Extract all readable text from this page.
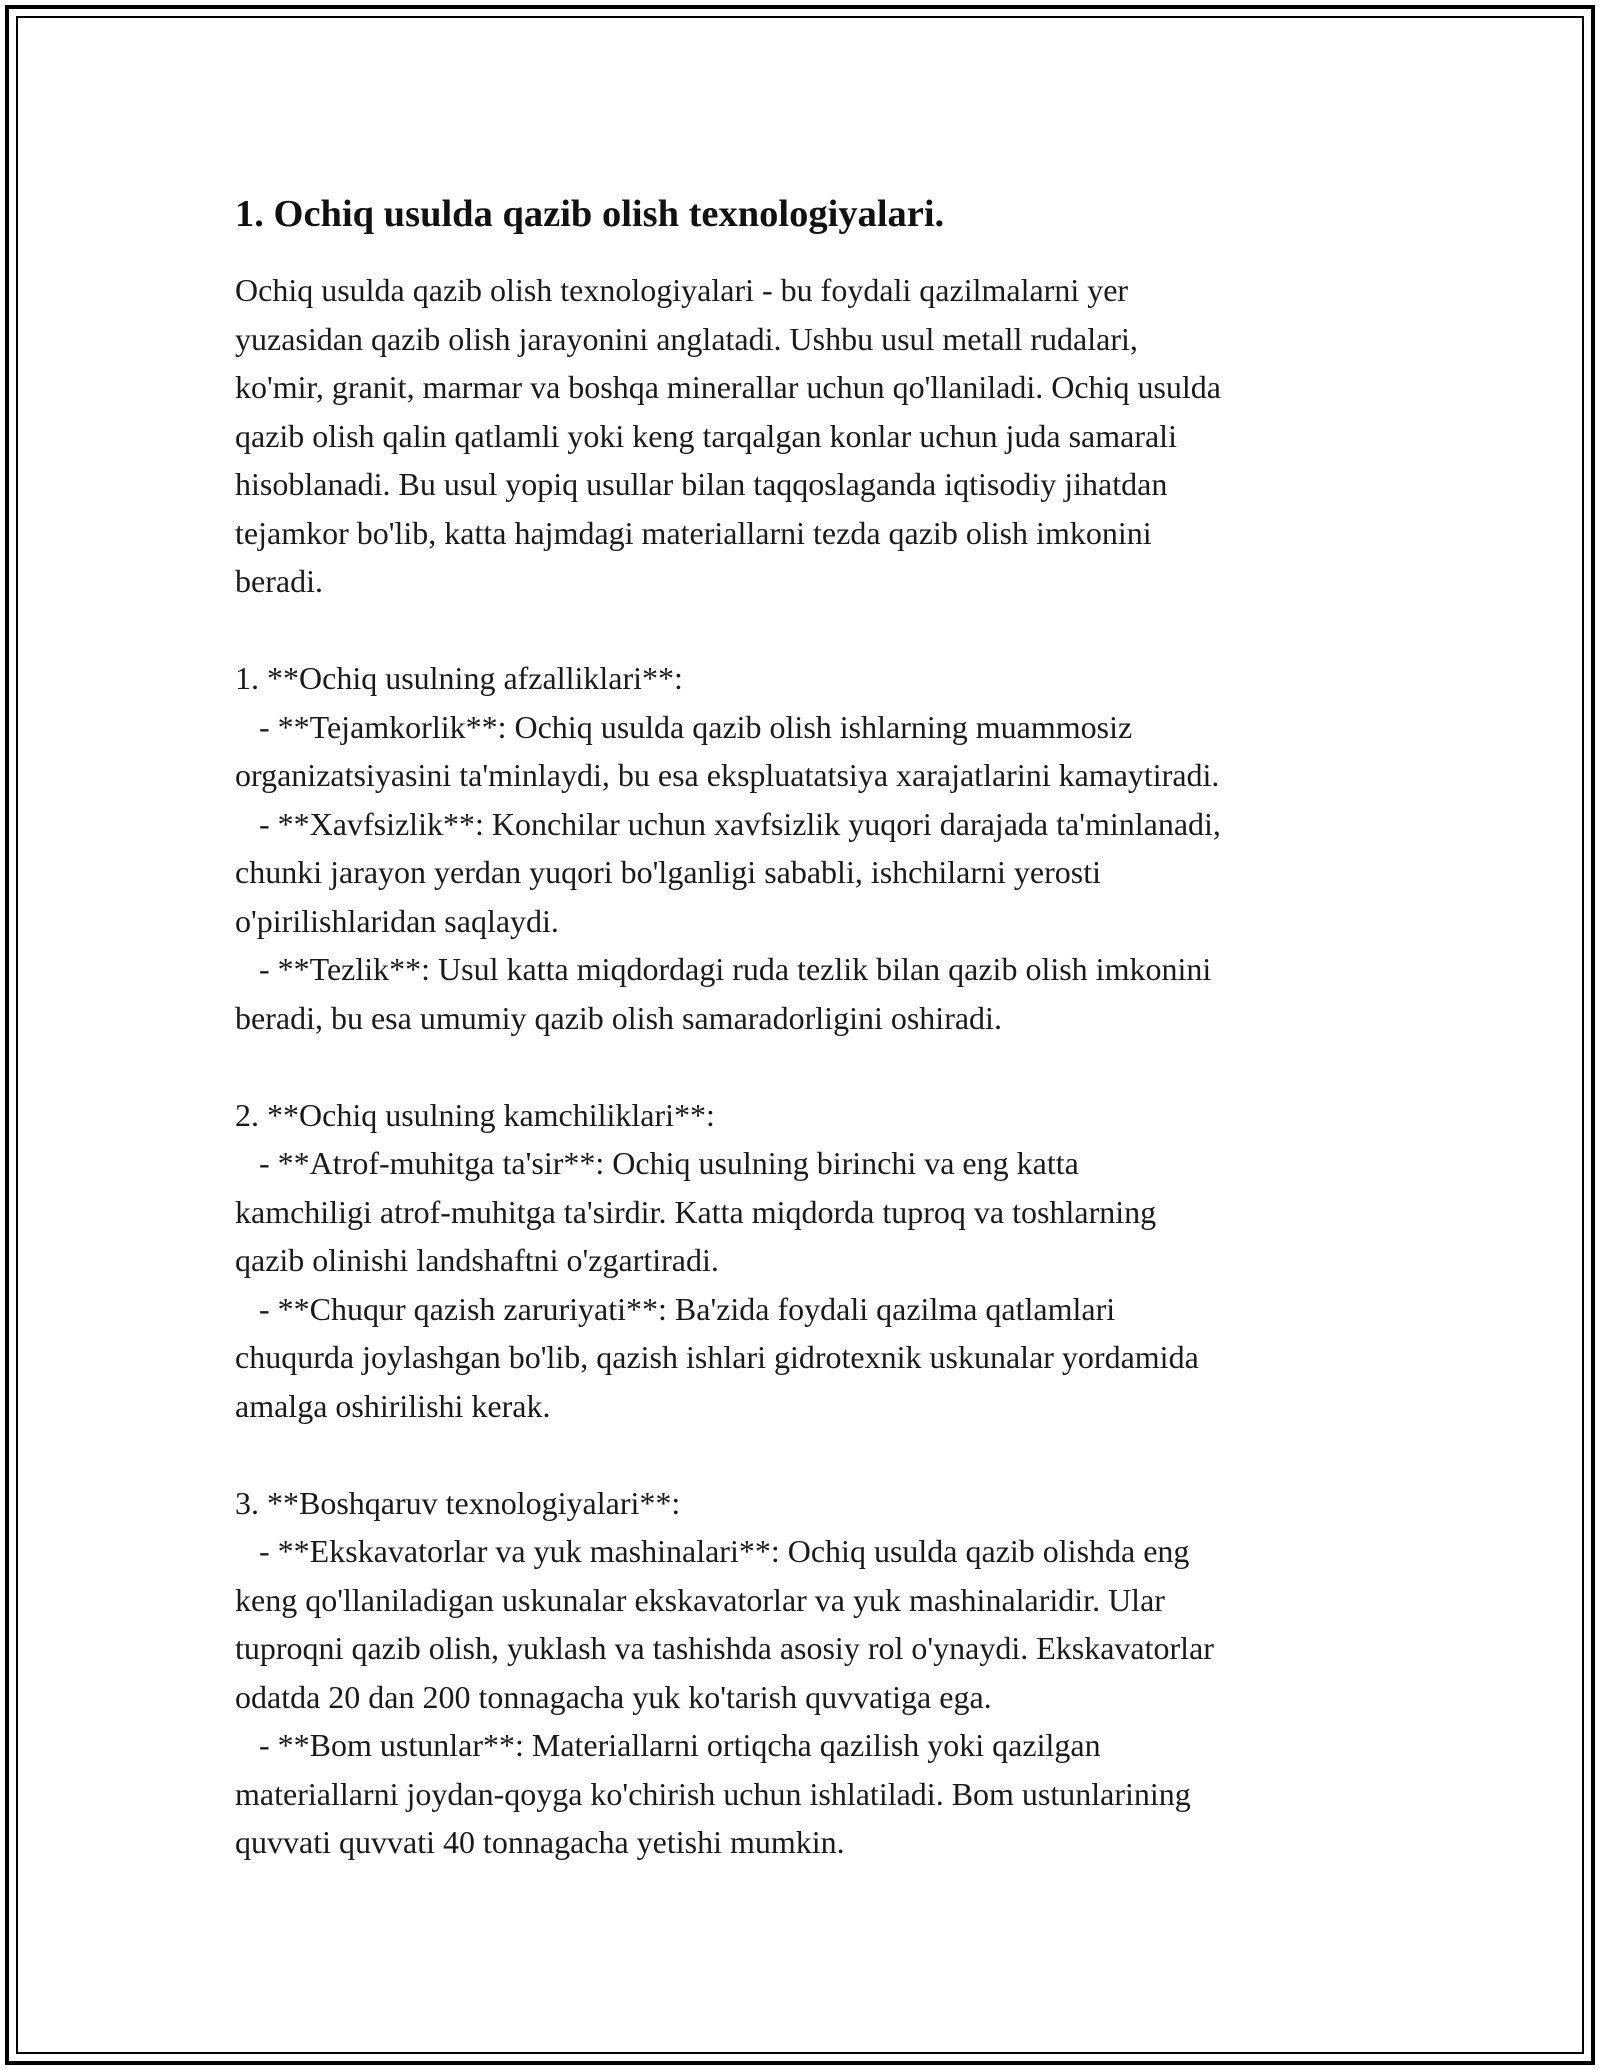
1. Ochiq usulda qazib olish texnologiyalari.

Ochiq usulda qazib olish texnologiyalari - bu foydali qazilmalarni yer
yuzasidan qazib olish jarayonini anglatadi. Ushbu usul metall rudalari,
ko'mir, granit, marmar va boshqa minerallar uchun qo'llaniladi. Ochiq usulda
qazib olish qalin qatlamli yoki keng tarqalgan konlar uchun juda samarali
hisoblanadi. Bu usul yopiq usullar bilan taqqoslaganda iqtisodiy jihatdan
tejamkor bo'lib, katta hajmdagi materiallarni tezda qazib olish imkonini
beradi.

1. **Ochiq usulning afzalliklari**:
- **Tejamkorlik**: Ochiq usulda qazib olish ishlarning muammosiz
organizatsiyasini ta'minlaydi, bu esa ekspluatatsiya xarajatlarini kamaytiradi.
- **Xavfsizlik**: Konchilar uchun xavfsizlik yuqori darajada ta'minlanadi,
chunki jarayon yerdan yuqori bo'lganligi sababli, ishchilarni yerosti
o'pirilishlaridan saqlaydi.
- **Tezlik**: Usul katta miqdordagi ruda tezlik bilan qazib olish imkonini
beradi, bu esa umumiy qazib olish samaradorligini oshiradi.

2. **Ochiq usulning kamchiliklari**:
- **Atrof-muhitga ta'sir**: Ochiq usulning birinchi va eng katta
kamchiligi atrof-muhitga ta'sirdir. Katta miqdorda tuproq va toshlarning
qazib olinishi landshaftni o'zgartiradi.
- **Chuqur qazish zaruriyati**: Ba'zida foydali qazilma qatlamlari
chuqurda joylashgan bo'lib, qazish ishlari gidrotexnik uskunalar yordamida
amalga oshirilishi kerak.

3. **Boshqaruv texnologiyalari**:
- **Ekskavatorlar va yuk mashinalari**: Ochiq usulda qazib olishda eng
keng qo'llaniladigan uskunalar ekskavatorlar va yuk mashinalaridir. Ular
tuproqni qazib olish, yuklash va tashishda asosiy rol o'ynaydi. Ekskavatorlar
odatda 20 dan 200 tonnagacha yuk ko'tarish quvvatiga ega.
- **Bom ustunlar**: Materiallarni ortiqcha qazilish yoki qazilgan
materiallarni joydan-qoyga ko'chirish uchun ishlatiladi. Bom ustunlarining
quvvati quvvati 40 tonnagacha yetishi mumkin.
